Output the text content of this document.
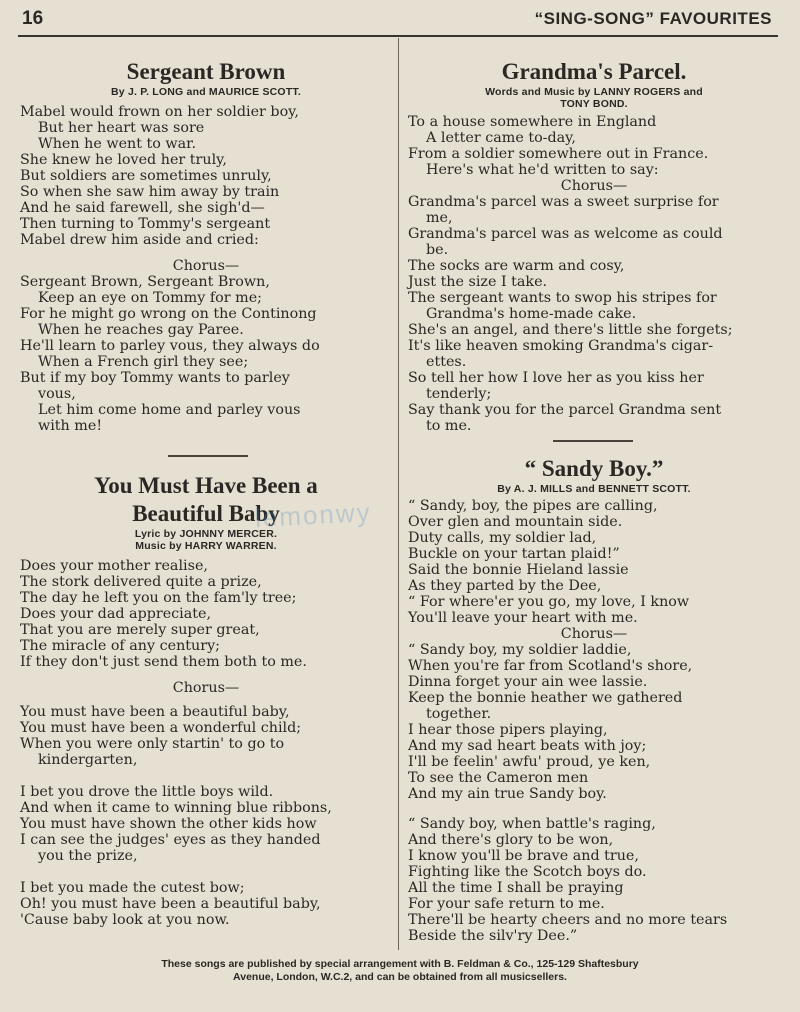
16	“SING-SONG” FAVOURITES
Sergeant Brown

By J. P. LONG and MAURICE SCOTT.

Mabel would frown on her soldier boy,
But her heart was sore
When he went to war.
She knew he loved her truly,
But soldiers are sometimes unruly,
So when she saw him away by train
And he said farewell, she sigh'd—
Then turning to Tommy's sergeant
Mabel drew him aside and cried:
Chorus—
Sergeant Brown, Sergeant Brown,
Keep an eye on Tommy for me;
For he might go wrong on the Continong
When he reaches gay Paree.
He'll learn to parley vous, they always do
When a French girl they see;
But if my boy Tommy wants to parley
vous,
Let him come home and parley vous
with me!
You Must Have Been a
Beautiful Baby

Lyric by JOHNNY MERCER.

Music by HARRY WARREN.

Does your mother realise,
The stork delivered quite a prize,
The day he left you on the fam'ly tree;
Does your dad appreciate,
That you are merely super great,
The miracle of any century;
If they don't just send them both to me.
Chorus—
You must have been a beautiful baby,
You must have been a wonderful child;
When you were only startin' to go to
kindergarten,
I bet you drove the little boys wild.
And when it came to winning blue ribbons,
You must have shown the other kids how
I can see the judges' eyes as they handed
you the prize,
I bet you made the cutest bow;
Oh! you must have been a beautiful baby,
'Cause baby look at you now.
Grandma's Parcel.

Words and Music by LANNY ROGERS and

TONY BOND.

To a house somewhere in England
A letter came to-day,
From a soldier somewhere out in France.
Here's what he'd written to say:
Chorus—
Grandma's parcel was a sweet surprise for
me,
Grandma's parcel was as welcome as could
be.
The socks are warm and cosy,
Just the size I take.
The sergeant wants to swop his stripes for
Grandma's home-made cake.
She's an angel, and there's little she forgets;
It's like heaven smoking Grandma's cigar-
ettes.
So tell her how I love her as you kiss her
tenderly;
Say thank you for the parcel Grandma sent
to me.
“ Sandy Boy.”

By A. J. MILLS and BENNETT SCOTT.

“ Sandy, boy, the pipes are calling,
Over glen and mountain side.
Duty calls, my soldier lad,
Buckle on your tartan plaid!”
Said the bonnie Hieland lassie
As they parted by the Dee,
“ For where'er you go, my love, I know
You'll leave your heart with me.
Chorus—
“ Sandy boy, my soldier laddie,
When you're far from Scotland's shore,
Dinna forget your ain wee lassie.
Keep the bonnie heather we gathered
together.
I hear those pipers playing,
And my sad heart beats with joy;
I'll be feelin' awfu' proud, ye ken,
To see the Cameron men
And my ain true Sandy boy.
“ Sandy boy, when battle's raging,
And there's glory to be won,
I know you'll be brave and true,
Fighting like the Scotch boys do.
All the time I shall be praying
For your safe return to me.
There'll be hearty cheers and no more tears
Beside the silv'ry Dee.”
These songs are published by special arrangement with B. Feldman & Co., 125-129 Shaftesbury
Avenue, London, W.C.2, and can be obtained from all musicsellers.
lemonwy
